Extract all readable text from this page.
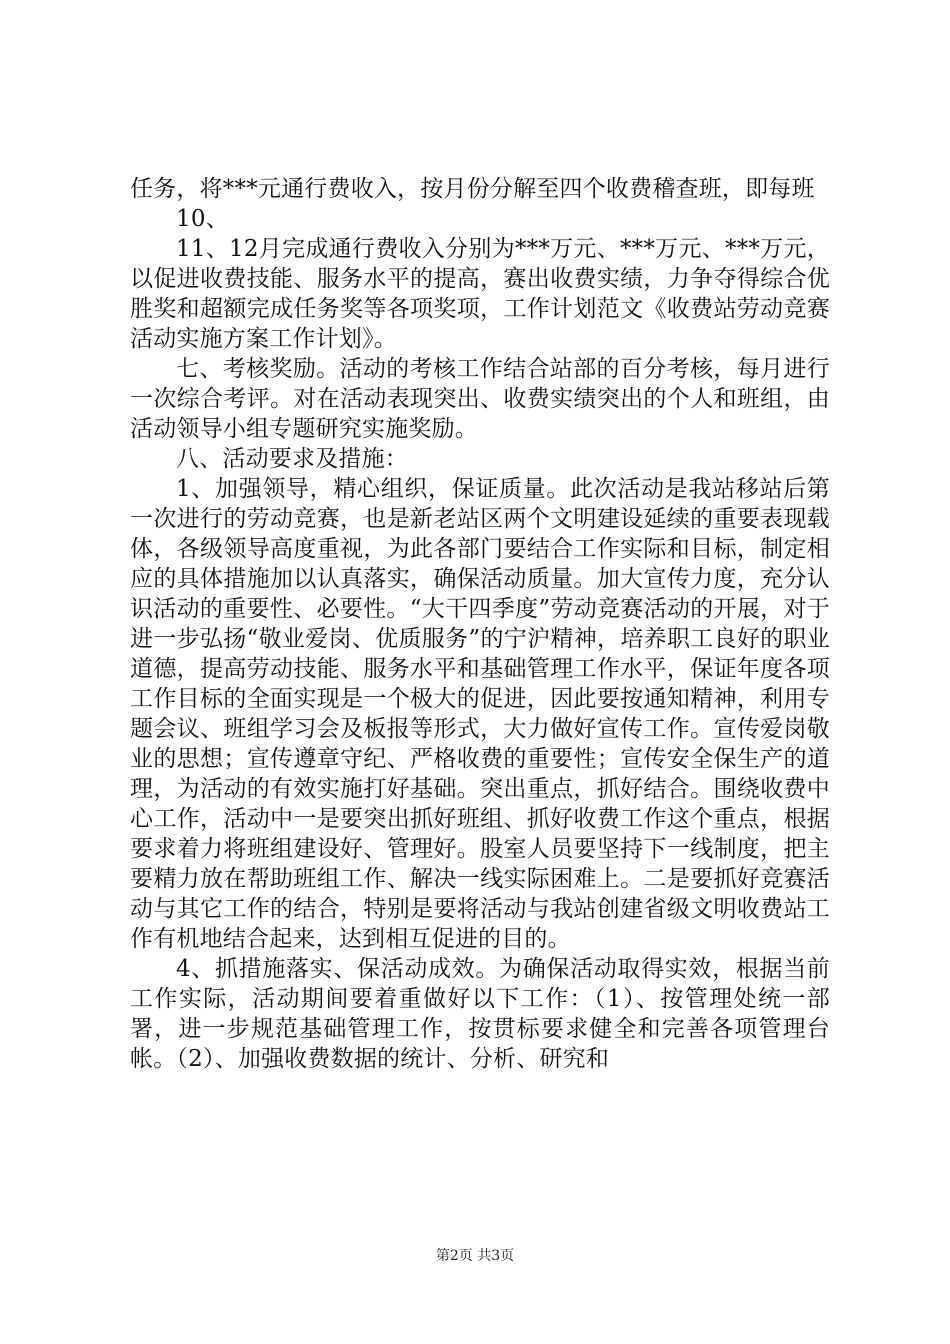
任务，将***元通行费收入，按月份分解至四个收费稽查班，即每班

10、

11、12月完成通行费收入分别为***万元、***万元、***万元，以促进收费技能、服务水平的提高，赛出收费实绩，力争夺得综合优胜奖和超额完成任务奖等各项奖项，工作计划范文《收费站劳动竞赛活动实施方案工作计划》。

七、考核奖励。活动的考核工作结合站部的百分考核，每月进行一次综合考评。对在活动表现突出、收费实绩突出的个人和班组，由活动领导小组专题研究实施奖励。

八、活动要求及措施：

1、加强领导，精心组织，保证质量。此次活动是我站移站后第一次进行的劳动竞赛，也是新老站区两个文明建设延续的重要表现载体，各级领导高度重视，为此各部门要结合工作实际和目标，制定相应的具体措施加以认真落实，确保活动质量。加大宣传力度，充分认识活动的重要性、必要性。“大干四季度”劳动竞赛活动的开展，对于进一步弘扬“敬业爱岗、优质服务”的宁沪精神，培养职工良好的职业道德，提高劳动技能、服务水平和基础管理工作水平，保证年度各项工作目标的全面实现是一个极大的促进，因此要按通知精神，利用专题会议、班组学习会及板报等形式，大力做好宣传工作。宣传爱岗敬业的思想；宣传遵章守纪、严格收费的重要性；宣传安全保生产的道理，为活动的有效实施打好基础。突出重点，抓好结合。围绕收费中心工作，活动中一是要突出抓好班组、抓好收费工作这个重点，根据要求着力将班组建设好、管理好。股室人员要坚持下一线制度，把主要精力放在帮助班组工作、解决一线实际困难上。二是要抓好竞赛活动与其它工作的结合，特别是要将活动与我站创建省级文明收费站工作有机地结合起来，达到相互促进的目的。

4、抓措施落实、保活动成效。为确保活动取得实效，根据当前工作实际，活动期间要着重做好以下工作：（1）、按管理处统一部署，进一步规范基础管理工作，按贯标要求健全和完善各项管理台帐。（2）、加强收费数据的统计、分析、研究和

第2页 共3页
